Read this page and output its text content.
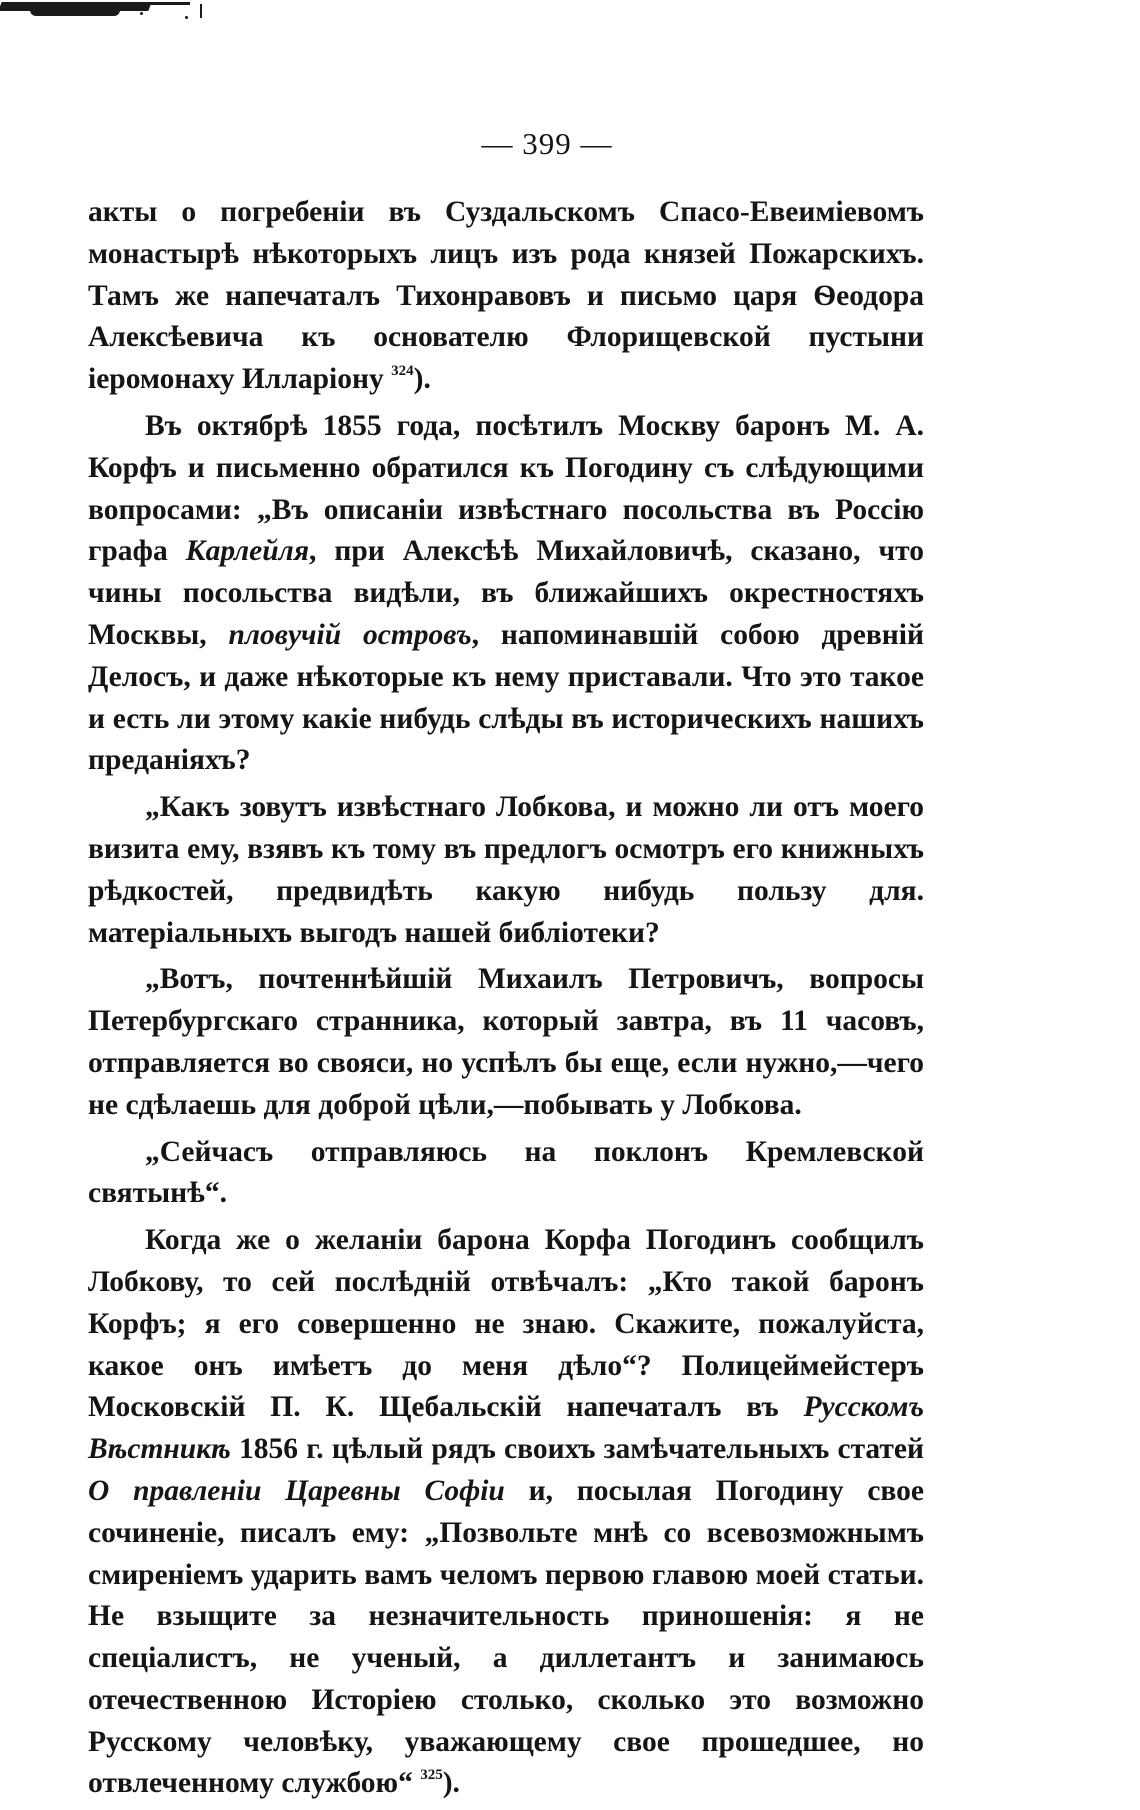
— 399 —

акты о погребеніи въ Суздальскомъ Спасо-Евеиміевомъ монастырѣ нѣкоторыхъ лицъ изъ рода князей Пожарскихъ. Тамъ же напечаталъ Тихонравовъ и письмо царя Ѳеодора Алексѣевича къ основателю Флорищевской пустыни іеромонаху Илларіону $^{324}$).

Въ октябрѣ 1855 года, посѣтилъ Москву баронъ М. А. Корфъ и письменно обратился къ Погодину съ слѣдующими вопросами: „Въ описаніи извѣстнаго посольства въ Россію графа Карлейля, при Алексѣѣ Михайловичѣ, сказано, что чины посольства видѣли, въ ближайшихъ окрестностяхъ Москвы, пловучій островъ, напоминавшій собою древній Делосъ, и даже нѣкоторые къ нему приставали. Что это такое и есть ли этому какіе нибудь слѣды въ историческихъ нашихъ преданіяхъ?

„Какъ зовутъ извѣстнаго Лобкова, и можно ли отъ моего визита ему, взявъ къ тому въ предлогъ осмотръ его книжныхъ рѣдкостей, предвидѣть какую нибудь пользу для. матеріальныхъ выгодъ нашей библіотеки?

„Вотъ, почтеннѣйшій Михаилъ Петровичъ, вопросы Петербургскаго странника, который завтра, въ 11 часовъ, отправляется во свояси, но успѣлъ бы еще, если нужно,—чего не сдѣлаешь для доброй цѣли,—побывать у Лобкова.

„Сейчасъ отправляюсь на поклонъ Кремлевской святынѣ“.

Когда же о желаніи барона Корфа Погодинъ сообщилъ Лобкову, то сей послѣдній отвѣчалъ: „Кто такой баронъ Корфъ; я его совершенно не знаю. Скажите, пожалуйста, какое онъ имѣетъ до меня дѣло“? Полицеймейстеръ Московскій П. К. Щебальскій напечаталъ въ Русскомъ Вѣстникѣ 1856 г. цѣлый рядъ своихъ замѣчательныхъ статей О правленіи Царевны Софіи и, посылая Погодину свое сочиненіе, писалъ ему: „Позвольте мнѣ со всевозможнымъ смиреніемъ ударить вамъ челомъ первою главою моей статьи. Не взыщите за незначительность приношенія: я не спеціалистъ, не ученый, а диллетантъ и занимаюсь отечественною Исторіею столько, сколько это возможно Русскому человѣку, уважающему свое прошедшее, но отвлеченному службою“ $^{325}$).
